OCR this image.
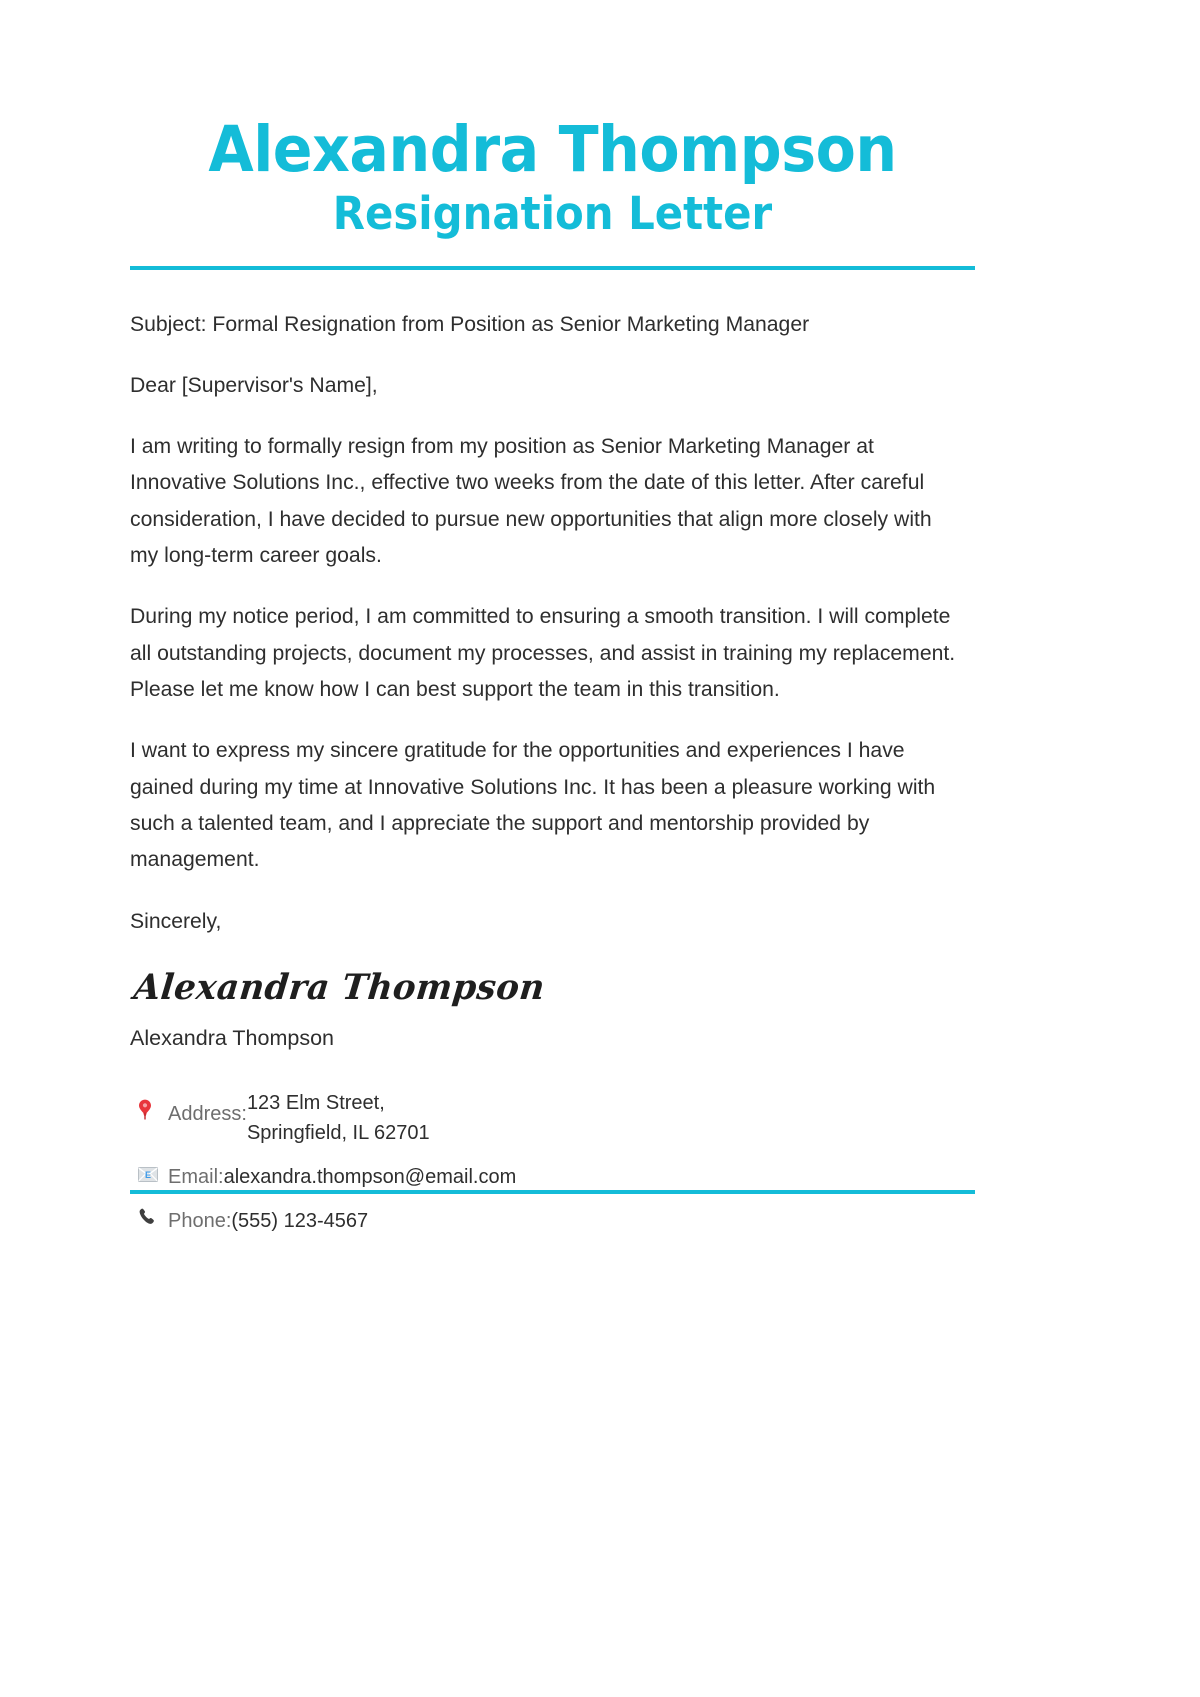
Alexandra Thompson
Resignation Letter

Subject: Formal Resignation from Position as Senior Marketing Manager

Dear [Supervisor's Name],

I am writing to formally resign from my position as Senior Marketing Manager at Innovative Solutions Inc., effective two weeks from the date of this letter. After careful consideration, I have decided to pursue new opportunities that align more closely with my long-term career goals.

During my notice period, I am committed to ensuring a smooth transition. I will complete all outstanding projects, document my processes, and assist in training my replacement. Please let me know how I can best support the team in this transition.

I want to express my sincere gratitude for the opportunities and experiences I have gained during my time at Innovative Solutions Inc. It has been a pleasure working with such a talented team, and I appreciate the support and mentorship provided by management.

Sincerely,

Alexandra Thompson
Alexandra Thompson
Address: 123 Elm Street, Springfield, IL 62701
E Email: alexandra.thompson@email.com
Phone: (555) 123-4567
